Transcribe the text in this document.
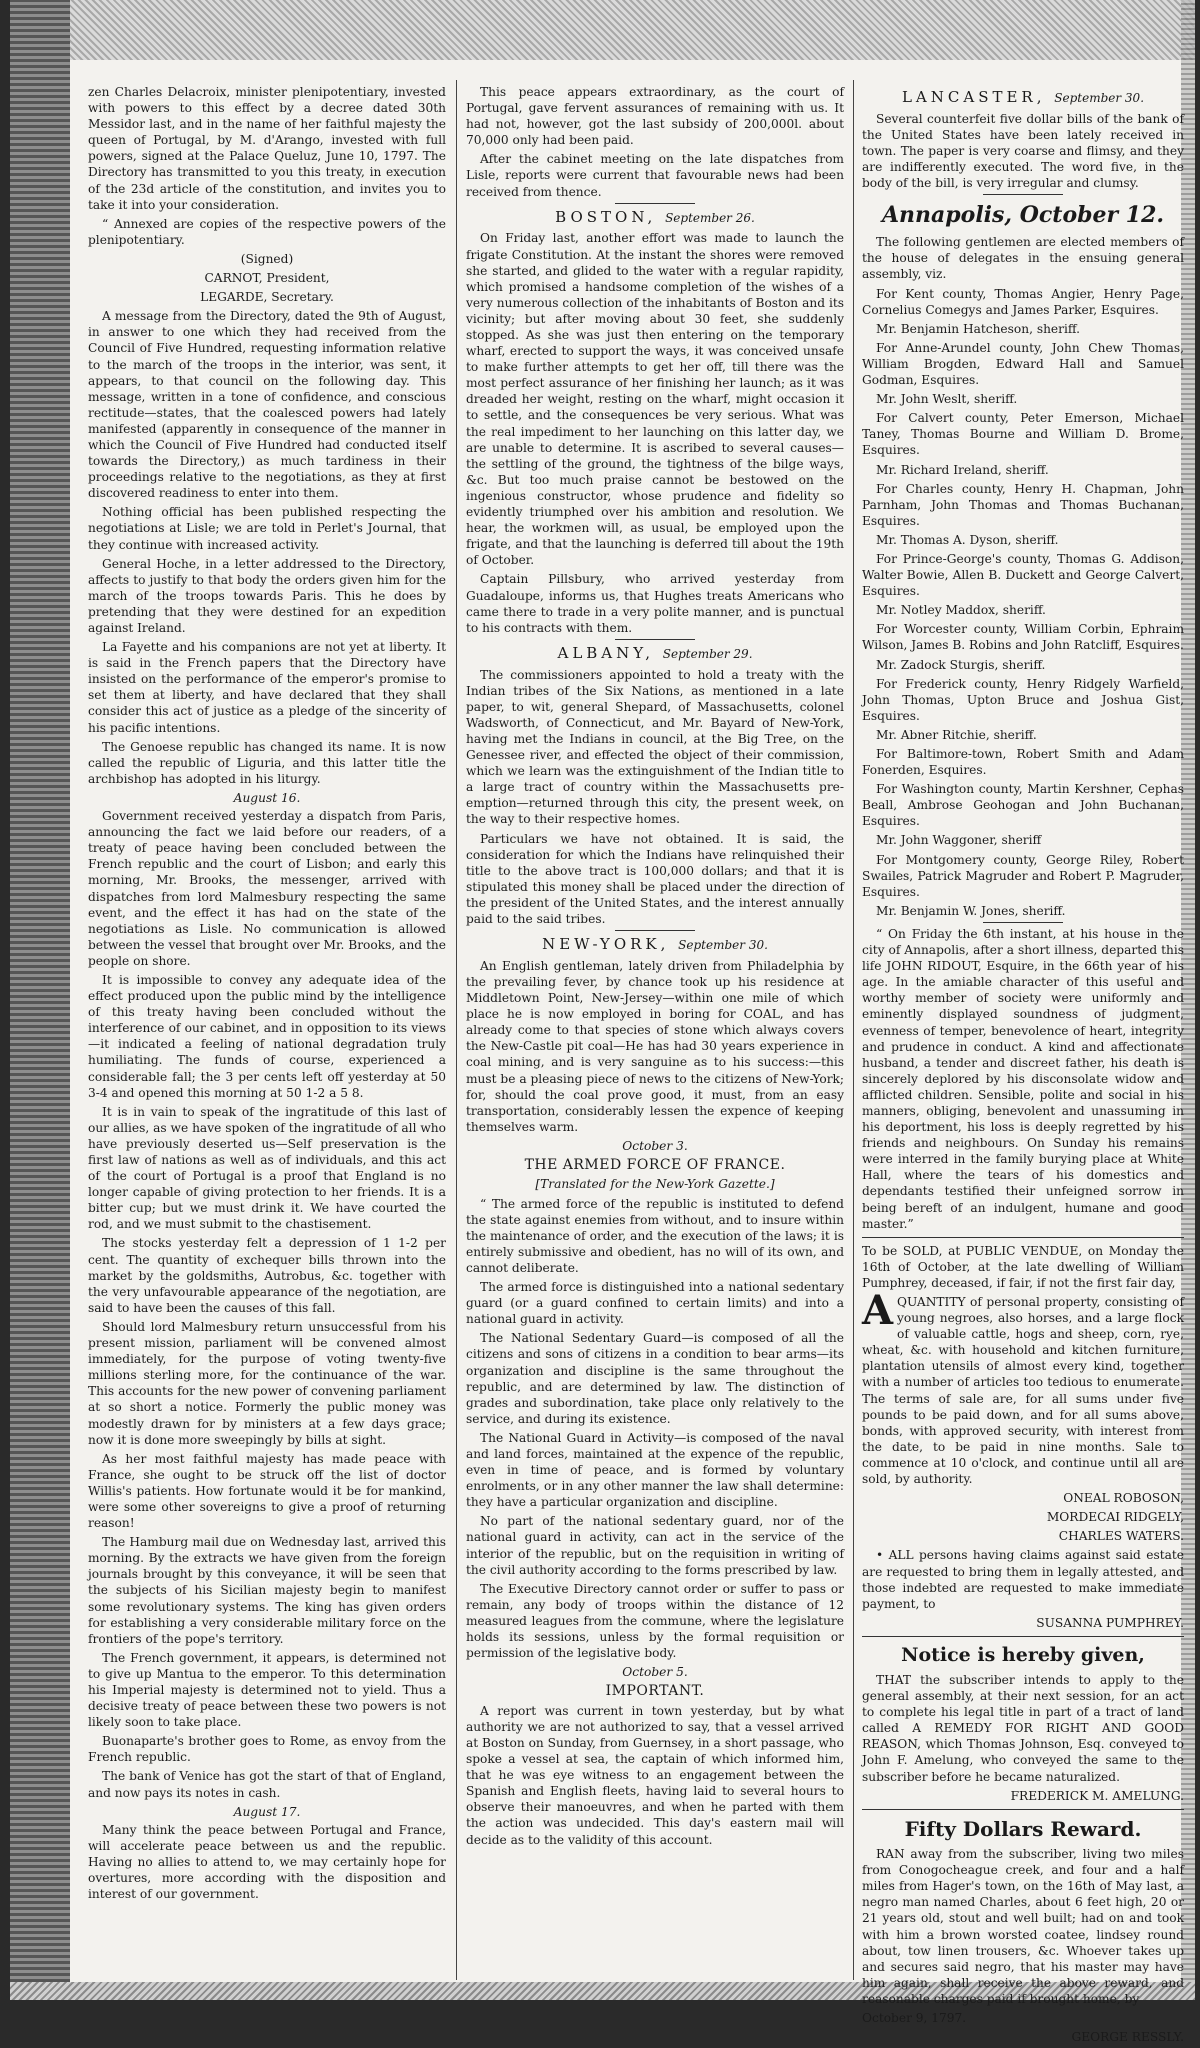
zen Charles Delacroix, minister plenipotentiary, invested with powers to this effect by a decree dated 30th Messidor last, and in the name of her faithful majesty the queen of Portugal, by M. d'Arango, invested with full powers, signed at the Palace Queluz, June 10, 1797. The Directory has transmitted to you this treaty, in execution of the 23d article of the constitution, and invites you to take it into your consideration.

“ Annexed are copies of the respective powers of the plenipotentiary.

(Signed)

CARNOT, President,

LEGARDE, Secretary.

A message from the Directory, dated the 9th of August, in answer to one which they had received from the Council of Five Hundred, requesting information relative to the march of the troops in the interior, was sent, it appears, to that council on the following day. This message, written in a tone of confidence, and conscious rectitude—states, that the coalesced powers had lately manifested (apparently in consequence of the manner in which the Council of Five Hundred had conducted itself towards the Directory,) as much tardiness in their proceedings relative to the negotiations, as they at first discovered readiness to enter into them.

Nothing official has been published respecting the negotiations at Lisle; we are told in Perlet's Journal, that they continue with increased activity.

General Hoche, in a letter addressed to the Directory, affects to justify to that body the orders given him for the march of the troops towards Paris. This he does by pretending that they were destined for an expedition against Ireland.

La Fayette and his companions are not yet at liberty. It is said in the French papers that the Directory have insisted on the performance of the emperor's promise to set them at liberty, and have declared that they shall consider this act of justice as a pledge of the sincerity of his pacific intentions.

The Genoese republic has changed its name. It is now called the republic of Liguria, and this latter title the archbishop has adopted in his liturgy.

August 16.

Government received yesterday a dispatch from Paris, announcing the fact we laid before our readers, of a treaty of peace having been concluded between the French republic and the court of Lisbon; and early this morning, Mr. Brooks, the messenger, arrived with dispatches from lord Malmesbury respecting the same event, and the effect it has had on the state of the negotiations as Lisle. No communication is allowed between the vessel that brought over Mr. Brooks, and the people on shore.

It is impossible to convey any adequate idea of the effect produced upon the public mind by the intelligence of this treaty having been concluded without the interference of our cabinet, and in opposition to its views—it indicated a feeling of national degradation truly humiliating. The funds of course, experienced a considerable fall; the 3 per cents left off yesterday at 50 3-4 and opened this morning at 50 1-2 a 5 8.

It is in vain to speak of the ingratitude of this last of our allies, as we have spoken of the ingratitude of all who have previously deserted us—Self preservation is the first law of nations as well as of individuals, and this act of the court of Portugal is a proof that England is no longer capable of giving protection to her friends. It is a bitter cup; but we must drink it. We have courted the rod, and we must submit to the chastisement.

The stocks yesterday felt a depression of 1 1-2 per cent. The quantity of exchequer bills thrown into the market by the goldsmiths, Autrobus, &c. together with the very unfavourable appearance of the negotiation, are said to have been the causes of this fall.

Should lord Malmesbury return unsuccessful from his present mission, parliament will be convened almost immediately, for the purpose of voting twenty-five millions sterling more, for the continuance of the war. This accounts for the new power of convening parliament at so short a notice. Formerly the public money was modestly drawn for by ministers at a few days grace; now it is done more sweepingly by bills at sight.

As her most faithful majesty has made peace with France, she ought to be struck off the list of doctor Willis's patients. How fortunate would it be for mankind, were some other sovereigns to give a proof of returning reason!

The Hamburg mail due on Wednesday last, arrived this morning. By the extracts we have given from the foreign journals brought by this conveyance, it will be seen that the subjects of his Sicilian majesty begin to manifest some revolutionary systems. The king has given orders for establishing a very considerable military force on the frontiers of the pope's territory.

The French government, it appears, is determined not to give up Mantua to the emperor. To this determination his Imperial majesty is determined not to yield. Thus a decisive treaty of peace between these two powers is not likely soon to take place.

Buonaparte's brother goes to Rome, as envoy from the French republic.

The bank of Venice has got the start of that of England, and now pays its notes in cash.

August 17.

Many think the peace between Portugal and France, will accelerate peace between us and the republic. Having no allies to attend to, we may certainly hope for overtures, more according with the disposition and interest of our government.

This peace appears extraordinary, as the court of Portugal, gave fervent assurances of remaining with us. It had not, however, got the last subsidy of 200,000l. about 70,000 only had been paid.

After the cabinet meeting on the late dispatches from Lisle, reports were current that favourable news had been received from thence.

BOSTON, September 26.

On Friday last, another effort was made to launch the frigate Constitution. At the instant the shores were removed she started, and glided to the water with a regular rapidity, which promised a handsome completion of the wishes of a very numerous collection of the inhabitants of Boston and its vicinity; but after moving about 30 feet, she suddenly stopped. As she was just then entering on the temporary wharf, erected to support the ways, it was conceived unsafe to make further attempts to get her off, till there was the most perfect assurance of her finishing her launch; as it was dreaded her weight, resting on the wharf, might occasion it to settle, and the consequences be very serious. What was the real impediment to her launching on this latter day, we are unable to determine. It is ascribed to several causes—the settling of the ground, the tightness of the bilge ways, &c. But too much praise cannot be bestowed on the ingenious constructor, whose prudence and fidelity so evidently triumphed over his ambition and resolution. We hear, the workmen will, as usual, be employed upon the frigate, and that the launching is deferred till about the 19th of October.

Captain Pillsbury, who arrived yesterday from Guadaloupe, informs us, that Hughes treats Americans who came there to trade in a very polite manner, and is punctual to his contracts with them.

ALBANY, September 29.

The commissioners appointed to hold a treaty with the Indian tribes of the Six Nations, as mentioned in a late paper, to wit, general Shepard, of Massachusetts, colonel Wadsworth, of Connecticut, and Mr. Bayard of New-York, having met the Indians in council, at the Big Tree, on the Genessee river, and effected the object of their commission, which we learn was the extinguishment of the Indian title to a large tract of country within the Massachusetts pre-emption—returned through this city, the present week, on the way to their respective homes.

Particulars we have not obtained. It is said, the consideration for which the Indians have relinquished their title to the above tract is 100,000 dollars; and that it is stipulated this money shall be placed under the direction of the president of the United States, and the interest annually paid to the said tribes.

NEW-YORK, September 30.

An English gentleman, lately driven from Philadelphia by the prevailing fever, by chance took up his residence at Middletown Point, New-Jersey—within one mile of which place he is now employed in boring for COAL, and has already come to that species of stone which always covers the New-Castle pit coal—He has had 30 years experience in coal mining, and is very sanguine as to his success:—this must be a pleasing piece of news to the citizens of New-York; for, should the coal prove good, it must, from an easy transportation, considerably lessen the expence of keeping themselves warm.

October 3.

THE ARMED FORCE OF FRANCE.

[Translated for the New-York Gazette.]

“ The armed force of the republic is instituted to defend the state against enemies from without, and to insure within the maintenance of order, and the execution of the laws; it is entirely submissive and obedient, has no will of its own, and cannot deliberate.

The armed force is distinguished into a national sedentary guard (or a guard confined to certain limits) and into a national guard in activity.

The National Sedentary Guard—is composed of all the citizens and sons of citizens in a condition to bear arms—its organization and discipline is the same throughout the republic, and are determined by law. The distinction of grades and subordination, take place only relatively to the service, and during its existence.

The National Guard in Activity—is composed of the naval and land forces, maintained at the expence of the republic, even in time of peace, and is formed by voluntary enrolments, or in any other manner the law shall determine: they have a particular organization and discipline.

No part of the national sedentary guard, nor of the national guard in activity, can act in the service of the interior of the republic, but on the requisition in writing of the civil authority according to the forms prescribed by law.

The Executive Directory cannot order or suffer to pass or remain, any body of troops within the distance of 12 measured leagues from the commune, where the legislature holds its sessions, unless by the formal requisition or permission of the legislative body.

October 5.

IMPORTANT.

A report was current in town yesterday, but by what authority we are not authorized to say, that a vessel arrived at Boston on Sunday, from Guernsey, in a short passage, who spoke a vessel at sea, the captain of which informed him, that he was eye witness to an engagement between the Spanish and English fleets, having laid to several hours to observe their manoeuvres, and when he parted with them the action was undecided. This day's eastern mail will decide as to the validity of this account.

LANCASTER, September 30.

Several counterfeit five dollar bills of the bank of the United States have been lately received in town. The paper is very coarse and flimsy, and they are indifferently executed. The word five, in the body of the bill, is very irregular and clumsy.

Annapolis, October 12.

The following gentlemen are elected members of the house of delegates in the ensuing general assembly, viz.

For Kent county, Thomas Angier, Henry Page, Cornelius Comegys and James Parker, Esquires.

Mr. Benjamin Hatcheson, sheriff.

For Anne-Arundel county, John Chew Thomas, William Brogden, Edward Hall and Samuel Godman, Esquires.

Mr. John Weslt, sheriff.

For Calvert county, Peter Emerson, Michael Taney, Thomas Bourne and William D. Brome, Esquires.

Mr. Richard Ireland, sheriff.

For Charles county, Henry H. Chapman, John Parnham, John Thomas and Thomas Buchanan, Esquires.

Mr. Thomas A. Dyson, sheriff.

For Prince-George's county, Thomas G. Addison, Walter Bowie, Allen B. Duckett and George Calvert, Esquires.

Mr. Notley Maddox, sheriff.

For Worcester county, William Corbin, Ephraim Wilson, James B. Robins and John Ratcliff, Esquires.

Mr. Zadock Sturgis, sheriff.

For Frederick county, Henry Ridgely Warfield, John Thomas, Upton Bruce and Joshua Gist, Esquires.

Mr. Abner Ritchie, sheriff.

For Baltimore-town, Robert Smith and Adam Fonerden, Esquires.

For Washington county, Martin Kershner, Cephas Beall, Ambrose Geohogan and John Buchanan, Esquires.

Mr. John Waggoner, sheriff

For Montgomery county, George Riley, Robert Swailes, Patrick Magruder and Robert P. Magruder, Esquires.

Mr. Benjamin W. Jones, sheriff.

“ On Friday the 6th instant, at his house in the city of Annapolis, after a short illness, departed this life JOHN RIDOUT, Esquire, in the 66th year of his age. In the amiable character of this useful and worthy member of society were uniformly and eminently displayed soundness of judgment, evenness of temper, benevolence of heart, integrity and prudence in conduct. A kind and affectionate husband, a tender and discreet father, his death is sincerely deplored by his disconsolate widow and afflicted children. Sensible, polite and social in his manners, obliging, benevolent and unassuming in his deportment, his loss is deeply regretted by his friends and neighbours. On Sunday his remains were interred in the family burying place at White Hall, where the tears of his domestics and dependants testified their unfeigned sorrow in being bereft of an indulgent, humane and good master.”

To be SOLD, at PUBLIC VENDUE, on Monday the 16th of October, at the late dwelling of William Pumphrey, deceased, if fair, if not the first fair day,

AQUANTITY of personal property, consisting of young negroes, also horses, and a large flock of valuable cattle, hogs and sheep, corn, rye, wheat, &c. with household and kitchen furniture, plantation utensils of almost every kind, together with a number of articles too tedious to enumerate. The terms of sale are, for all sums under five pounds to be paid down, and for all sums above, bonds, with approved security, with interest from the date, to be paid in nine months. Sale to commence at 10 o'clock, and continue until all are sold, by authority.

ONEAL ROBOSON,

MORDECAI RIDGELY,

CHARLES WATERS.

• ALL persons having claims against said estate are requested to bring them in legally attested, and those indebted are requested to make immediate payment, to

SUSANNA PUMPHREY.

Notice is hereby given,

THAT the subscriber intends to apply to the general assembly, at their next session, for an act to complete his legal title in part of a tract of land called A REMEDY FOR RIGHT AND GOOD REASON, which Thomas Johnson, Esq. conveyed to John F. Amelung, who conveyed the same to the subscriber before he became naturalized.

FREDERICK M. AMELUNG.

Fifty Dollars Reward.

RAN away from the subscriber, living two miles from Conogocheague creek, and four and a half miles from Hager's town, on the 16th of May last, a negro man named Charles, about 6 feet high, 20 or 21 years old, stout and well built; had on and took with him a brown worsted coatee, lindsey round about, tow linen trousers, &c. Whoever takes up and secures said negro, that his master may have him again, shall receive the above reward, and reasonable charges paid if brought home, by

October 9, 1797.

GEORGE RESSLY.
